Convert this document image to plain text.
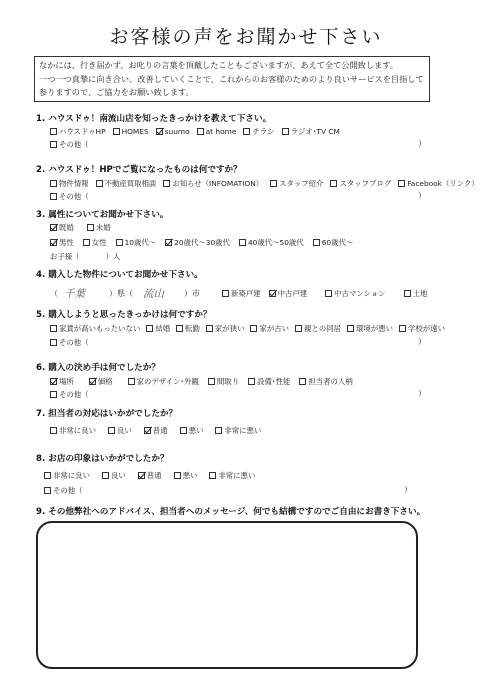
お客様の声をお聞かせ下さい
なかには、行き届かず、お叱りの言葉を頂戴したこともございますが、あえて全て公開致します。
一つ一つ真摯に向き合い、改善していくことで、これからのお客様のためのより良いサービスを目指して
参りますので、ご協力をお願い致します。
1. ハウスドゥ！南流山店を知ったきっかけを教えて下さい。
ハウスドゥHP	HOMES	suumo	at home	チラシ	ラジオ･TV CM
その他（	）
2. ハウスドゥ！HPでご覧になったものは何ですか？
物件情報	不動産買取相談	お知らせ（INFOMATION）	スタッフ紹介	スタッフブログ	Facebook（リンク）
その他（	）
3. 属性についてお聞かせ下さい。
既婚	未婚
男性	女性	10歳代～	20歳代～30歳代	40歳代～50歳代	60歳代～
お子様（	）人
4. 購入した物件についてお聞かせ下さい。
（ 千葉	）県（ 流山	）市	新築戸建	中古戸建	中古マンション	土地
5. 購入しようと思ったきっかけは何ですか？
家賃が高いもったいない	結婚	転勤	家が狭い	家が古い	親との同居	環境が悪い	学校が遠い
その他（	）
6. 購入の決め手は何でしたか？
場所	価格	家のデザイン･外観	間取り	設備･性能	担当者の人柄
その他（	）
7. 担当者の対応はいかがでしたか？
非常に良い	良い	普通	悪い	非常に悪い
8. お店の印象はいかがでしたか？
非常に良い	良い	普通	悪い	非常に悪い
その他（	）
9. その他弊社へのアドバイス、担当者へのメッセージ、何でも結構ですのでご自由にお書き下さい。
